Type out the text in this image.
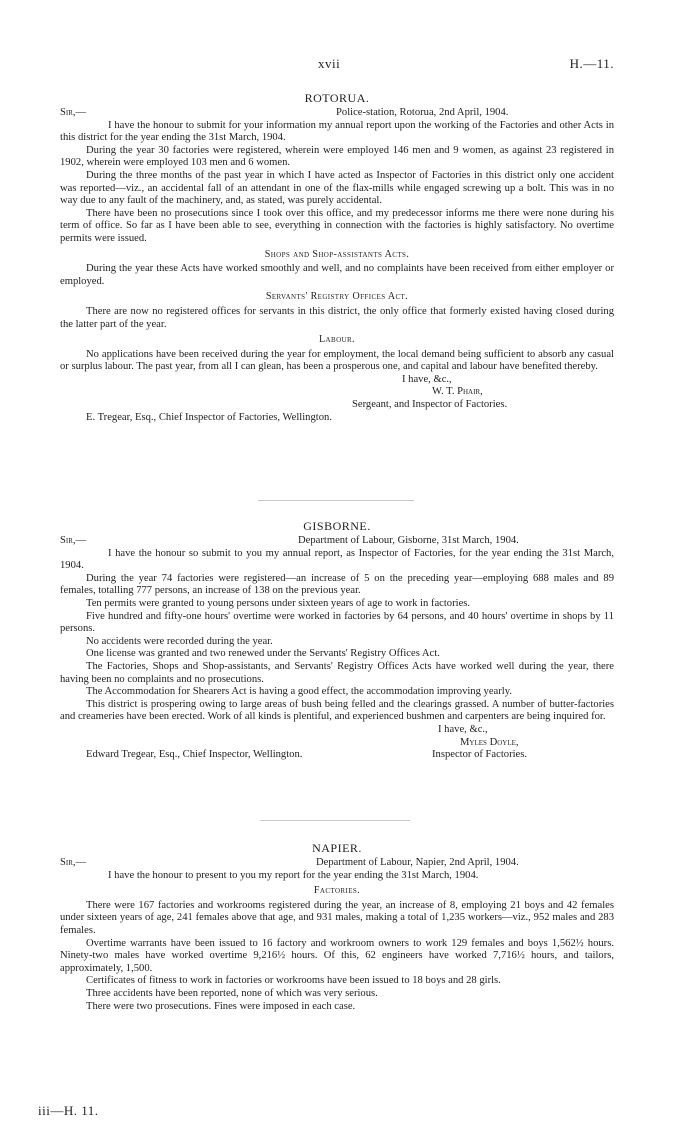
xvii	H.—11.
ROTORUA.
Sir,—	Police-station, Rotorua, 2nd April, 1904.

I have the honour to submit for your information my annual report upon the working of the Factories and other Acts in this district for the year ending the 31st March, 1904.

During the year 30 factories were registered, wherein were employed 146 men and 9 women, as against 23 registered in 1902, wherein were employed 103 men and 6 women.

During the three months of the past year in which I have acted as Inspector of Factories in this district only one accident was reported—viz., an accidental fall of an attendant in one of the flax-mills while engaged screwing up a bolt. This was in no way due to any fault of the machinery, and, as stated, was purely accidental.

There have been no prosecutions since I took over this office, and my predecessor informs me there were none during his term of office. So far as I have been able to see, everything in connection with the factories is highly satisfactory. No overtime permits were issued.

Shops and Shop-assistants Acts.

During the year these Acts have worked smoothly and well, and no complaints have been received from either employer or employed.

Servants' Registry Offices Act.

There are now no registered offices for servants in this district, the only office that formerly existed having closed during the latter part of the year.

Labour.

No applications have been received during the year for employment, the local demand being sufficient to absorb any casual or surplus labour. The past year, from all I can glean, has been a prosperous one, and capital and labour have benefited thereby.

I have, &c.,
W. T. Phair,
Sergeant, and Inspector of Factories.
E. Tregear, Esq., Chief Inspector of Factories, Wellington.
GISBORNE.
Sir,—	Department of Labour, Gisborne, 31st March, 1904.

I have the honour so submit to you my annual report, as Inspector of Factories, for the year ending the 31st March, 1904.

During the year 74 factories were registered—an increase of 5 on the preceding year—employing 688 males and 89 females, totalling 777 persons, an increase of 138 on the previous year.

Ten permits were granted to young persons under sixteen years of age to work in factories.

Five hundred and fifty-one hours' overtime were worked in factories by 64 persons, and 40 hours' overtime in shops by 11 persons.

No accidents were recorded during the year.

One license was granted and two renewed under the Servants' Registry Offices Act.

The Factories, Shops and Shop-assistants, and Servants' Registry Offices Acts have worked well during the year, there having been no complaints and no prosecutions.

The Accommodation for Shearers Act is having a good effect, the accommodation improving yearly.

This district is prospering owing to large areas of bush being felled and the clearings grassed. A number of butter-factories and creameries have been erected. Work of all kinds is plentiful, and experienced bushmen and carpenters are being inquired for.

I have, &c.,
Myles Doyle,
Edward Tregear, Esq., Chief Inspector, Wellington.	Inspector of Factories.
NAPIER.
Sir,—	Department of Labour, Napier, 2nd April, 1904.

I have the honour to present to you my report for the year ending the 31st March, 1904.

Factories.

There were 167 factories and workrooms registered during the year, an increase of 8, employing 21 boys and 42 females under sixteen years of age, 241 females above that age, and 931 males, making a total of 1,235 workers—viz., 952 males and 283 females.

Overtime warrants have been issued to 16 factory and workroom owners to work 129 females and boys 1,562½ hours. Ninety-two males have worked overtime 9,216½ hours. Of this, 62 engineers have worked 7,716½ hours, and tailors, approximately, 1,500.

Certificates of fitness to work in factories or workrooms have been issued to 18 boys and 28 girls.

Three accidents have been reported, none of which was very serious.

There were two prosecutions. Fines were imposed in each case.

iii—H. 11.
